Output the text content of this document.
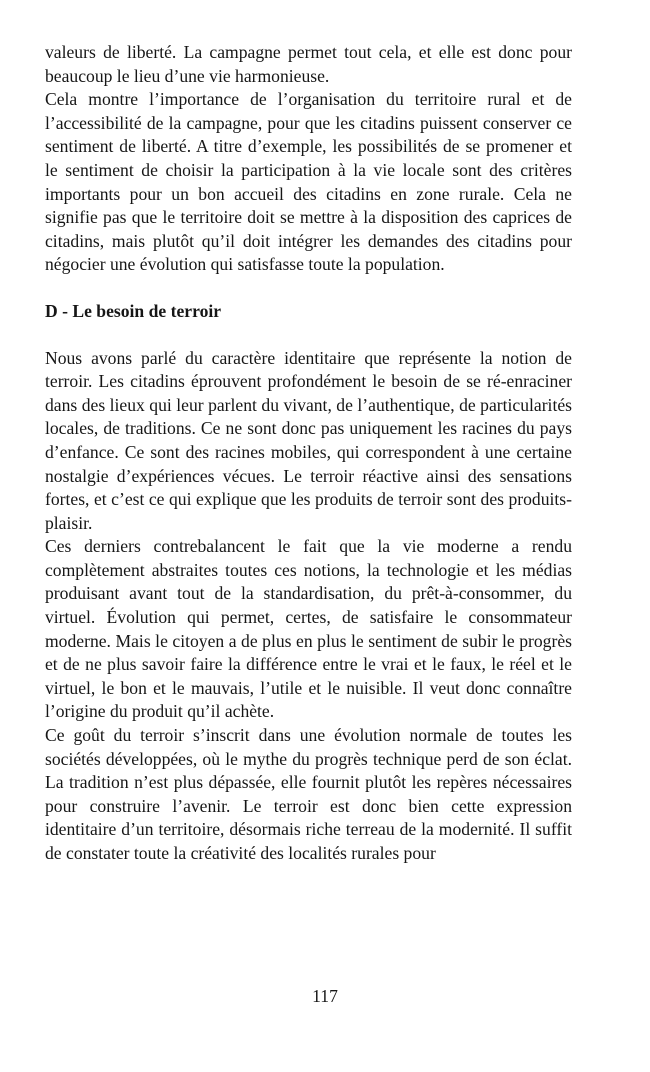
valeurs de liberté. La campagne permet tout cela, et elle est donc pour beaucoup le lieu d’une vie harmonieuse.

Cela montre l’importance de l’organisation du territoire rural et de l’accessibilité de la campagne, pour que les citadins puissent conserver ce sentiment de liberté. A titre d’exemple, les possibilités de se promener et le sentiment de choisir la participation à la vie locale sont des critères importants pour un bon accueil des citadins en zone rurale. Cela ne signifie pas que le territoire doit se mettre à la disposition des caprices de citadins, mais plutôt qu’il doit intégrer les demandes des citadins pour négocier une évolution qui satisfasse toute la population.

D - Le besoin de terroir

Nous avons parlé du caractère identitaire que représente la notion de terroir. Les citadins éprouvent profondément le besoin de se ré-enraciner dans des lieux qui leur parlent du vivant, de l’authentique, de particularités locales, de traditions. Ce ne sont donc pas uniquement les racines du pays d’enfance. Ce sont des racines mobiles, qui correspondent à une certaine nostalgie d’expériences vécues. Le terroir réactive ainsi des sensations fortes, et c’est ce qui explique que les produits de terroir sont des produits-plaisir.

Ces derniers contrebalancent le fait que la vie moderne a rendu complètement abstraites toutes ces notions, la technologie et les médias produisant avant tout de la standardisation, du prêt-à-consommer, du virtuel. Évolution qui permet, certes, de satisfaire le consommateur moderne. Mais le citoyen a de plus en plus le sentiment de subir le progrès et de ne plus savoir faire la différence entre le vrai et le faux, le réel et le virtuel, le bon et le mauvais, l’utile et le nuisible. Il veut donc connaître l’origine du produit qu’il achète.

Ce goût du terroir s’inscrit dans une évolution normale de toutes les sociétés développées, où le mythe du progrès technique perd de son éclat. La tradition n’est plus dépassée, elle fournit plutôt les repères nécessaires pour construire l’avenir. Le terroir est donc bien cette expression identitaire d’un territoire, désormais riche terreau de la modernité. Il suffit de constater toute la créativité des localités rurales pour

117
